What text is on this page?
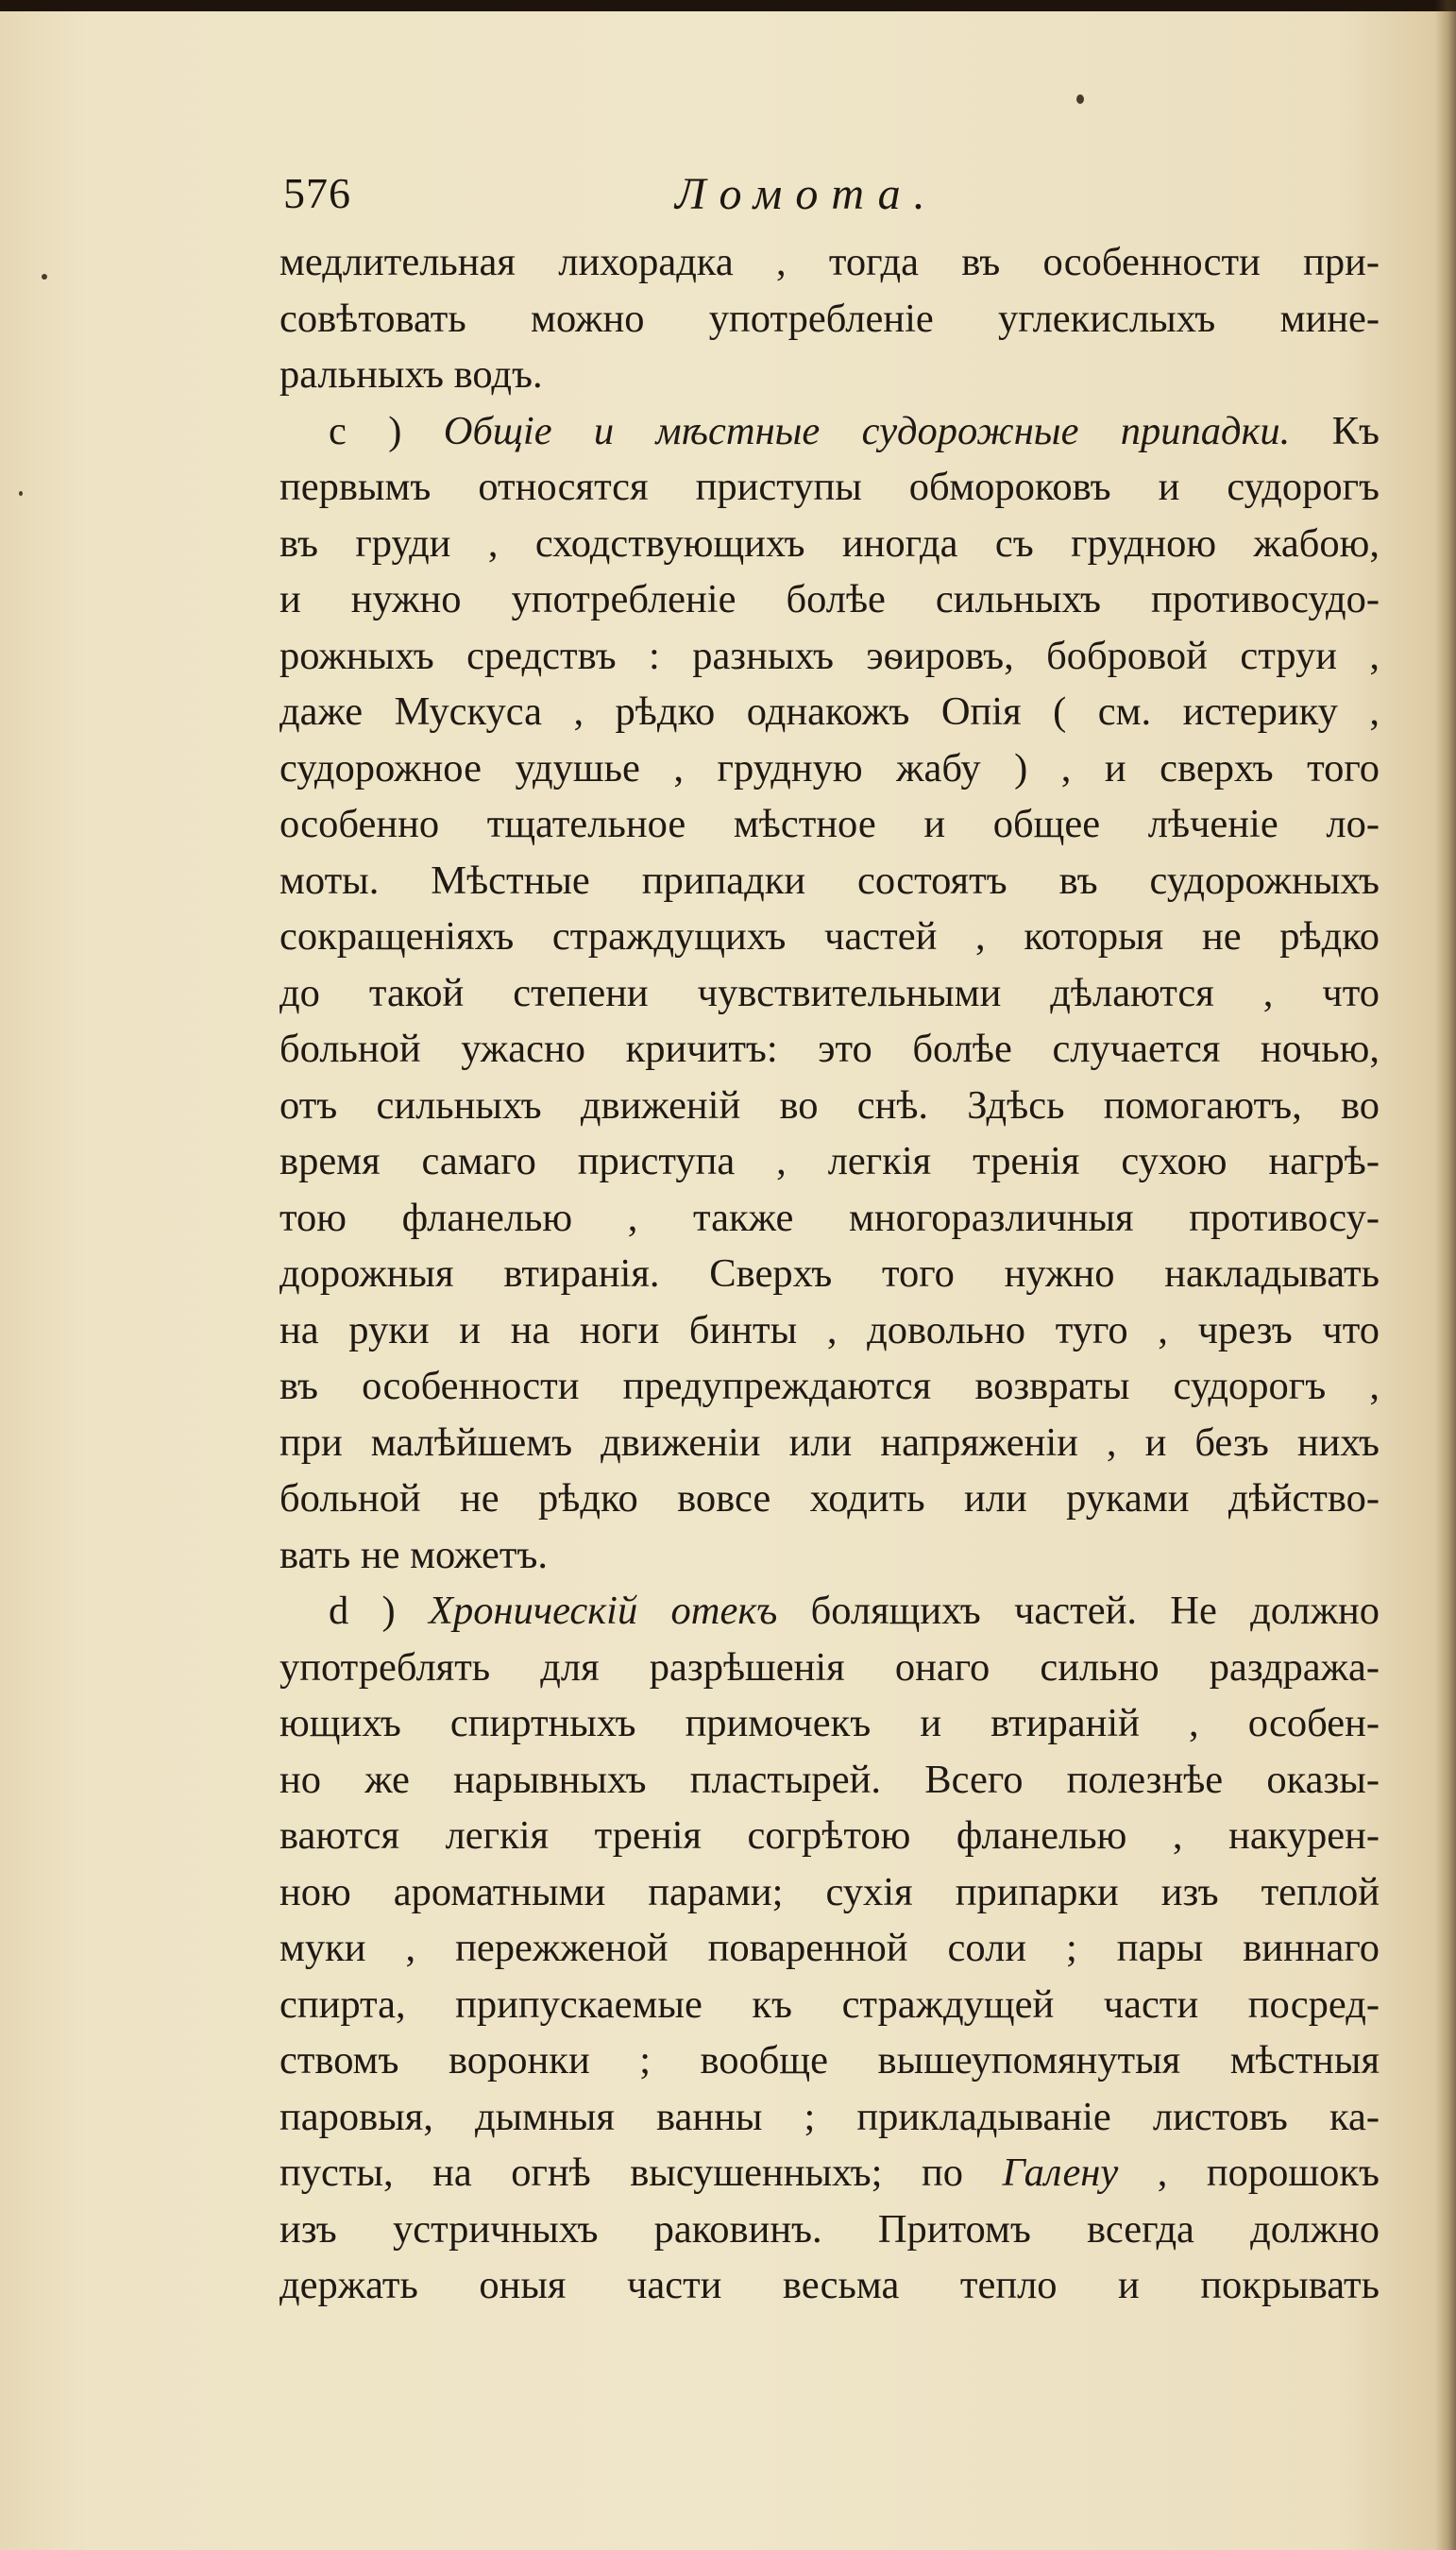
576	Ломота.
медлительная лихорадка , тогда въ особенности при-
совѣтовать можно употребленіе углекислыхъ мине-
ральныхъ водъ.
c ) Общіе и мѣстные судорожные припадки. Къ
первымъ относятся приступы обмороковъ и судорогъ
въ груди , сходствующихъ иногда съ грудною жабою,
и нужно употребленіе болѣе сильныхъ противосудо-
рожныхъ средствъ : разныхъ эѳировъ, бобровой струи ,
даже Мускуса , рѣдко однакожъ Опія ( см. истерику ,
судорожное удушье , грудную жабу ) , и сверхъ того
особенно тщательное мѣстное и общее лѣченіе ло-
моты. Мѣстные припадки состоятъ въ судорожныхъ
сокращеніяхъ страждущихъ частей , которыя не рѣдко
до такой степени чувствительными дѣлаются , что
больной ужасно кричитъ: это болѣе случается ночью,
отъ сильныхъ движеній во снѣ. Здѣсь помогаютъ, во
время самаго приступа , легкія тренія сухою нагрѣ-
тою фланелью , также многоразличныя противосу-
дорожныя втиранія. Сверхъ того нужно накладывать
на руки и на ноги бинты , довольно туго , чрезъ что
въ особенности предупреждаются возвраты судорогъ ,
при малѣйшемъ движеніи или напряженіи , и безъ нихъ
больной не рѣдко вовсе ходить или руками дѣйство-
вать не можетъ.
d ) Хроническій отекъ болящихъ частей. Не должно
употреблять для разрѣшенія онаго сильно раздража-
ющихъ спиртныхъ примочекъ и втираній , особен-
но же нарывныхъ пластырей. Всего полезнѣе оказы-
ваются легкія тренія согрѣтою фланелью , накурен-
ною ароматными парами; сухія припарки изъ теплой
муки , пережженой поваренной соли ; пары виннаго
спирта, припускаемые къ страждущей части посред-
ствомъ воронки ; вообще вышеупомянутыя мѣстныя
паровыя, дымныя ванны ; прикладываніе листовъ ка-
пусты, на огнѣ высушенныхъ; по Галену , порошокъ
изъ устричныхъ раковинъ. Притомъ всегда должно
держать оныя части весьма тепло и покрывать
